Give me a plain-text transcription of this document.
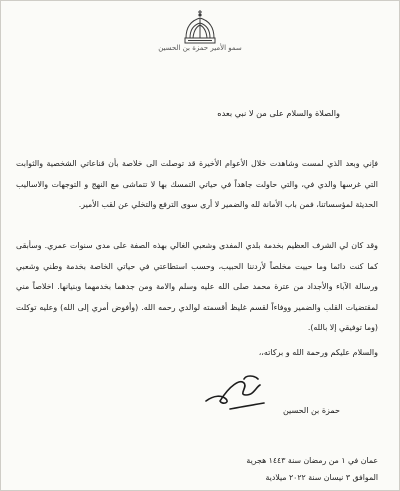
سمو الأمير حمزة بن الحسين
والصلاة والسلام على من لا نبي بعده
فإني وبعد الذي لمست وشاهدت خلال الأعوام الأخيرة قد توصلت الى خلاصة بأن قناعاتي الشخصية والثوابت التي غرسها والدي في، والتي حاولت جاهداً في حياتي التمسك بها لا تتماشى مع النهج و التوجهات والاساليب الحديثة لمؤسساتنا، فمن باب الأمانة لله والضمير لا أرى سوى الترفع والتخلي عن لقب الأمير.
وقد كان لي الشرف العظيم بخدمة بلدي المفدى وشعبي الغالي بهذه الصفة على مدى سنوات عمري. وسأبقى كما كنت دائما وما حييت مخلصاً لأردننا الحبيب، وحسب استطاعتي في حياتي الخاصة بخدمة وطني وشعبي ورسالة الآباء والأجداد من عترة محمد صلى الله عليه وسلم والامة ومن جدهما بخدمهما وبنيانها. اخلاصاً مني لمقتضيات القلب والضمير ووفاءاً لقسم غليظ أقسمته لوالدي رحمه الله. (وأفوض أمري إلى الله) وعليه توكلت (وما توفيقي إلا بالله).
والسلام عليكم ورحمة الله و بركاته،،
حمزة بن الحسين
عمان في ١ من رمضان سنة ١٤٤٣ هجرية
الموافق ٣ نيسان سنة ٢٠٢٢ ميلادية
